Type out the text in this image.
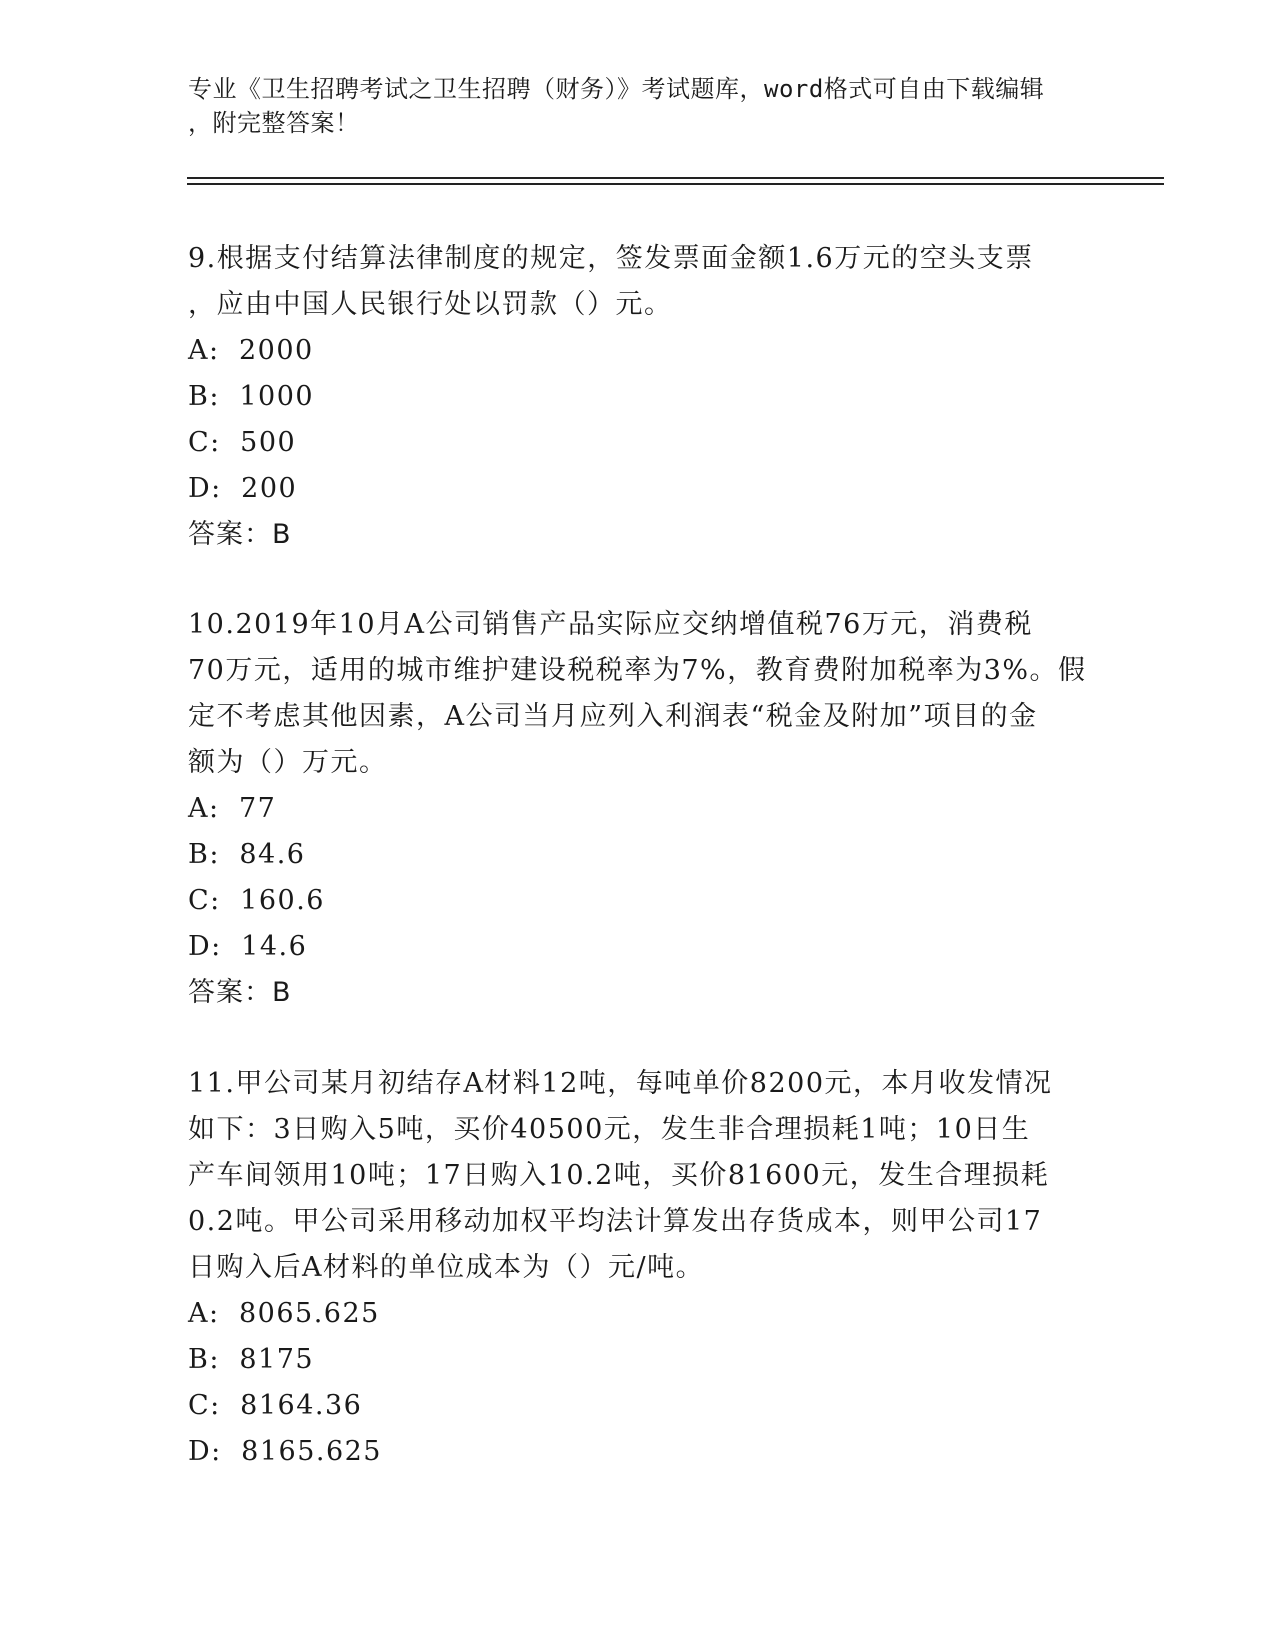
专业《卫生招聘考试之卫生招聘（财务）》考试题库，word格式可自由下载编辑
，附完整答案！
9.根据支付结算法律制度的规定，签发票面金额1.6万元的空头支票
，应由中国人民银行处以罚款（）元。
A: 2000
B: 1000
C: 500
D: 200
答案：B
10.2019年10月A公司销售产品实际应交纳增值税76万元，消费税
70万元，适用的城市维护建设税税率为7%，教育费附加税率为3%。假
定不考虑其他因素，A公司当月应列入利润表“税金及附加”项目的金
额为（）万元。
A: 77
B: 84.6
C: 160.6
D: 14.6
答案：B
11.甲公司某月初结存A材料12吨，每吨单价8200元，本月收发情况
如下：3日购入5吨，买价40500元，发生非合理损耗1吨；10日生
产车间领用10吨；17日购入10.2吨，买价81600元，发生合理损耗
0.2吨。甲公司采用移动加权平均法计算发出存货成本，则甲公司17
日购入后A材料的单位成本为（）元/吨。
A: 8065.625
B: 8175
C: 8164.36
D: 8165.625
